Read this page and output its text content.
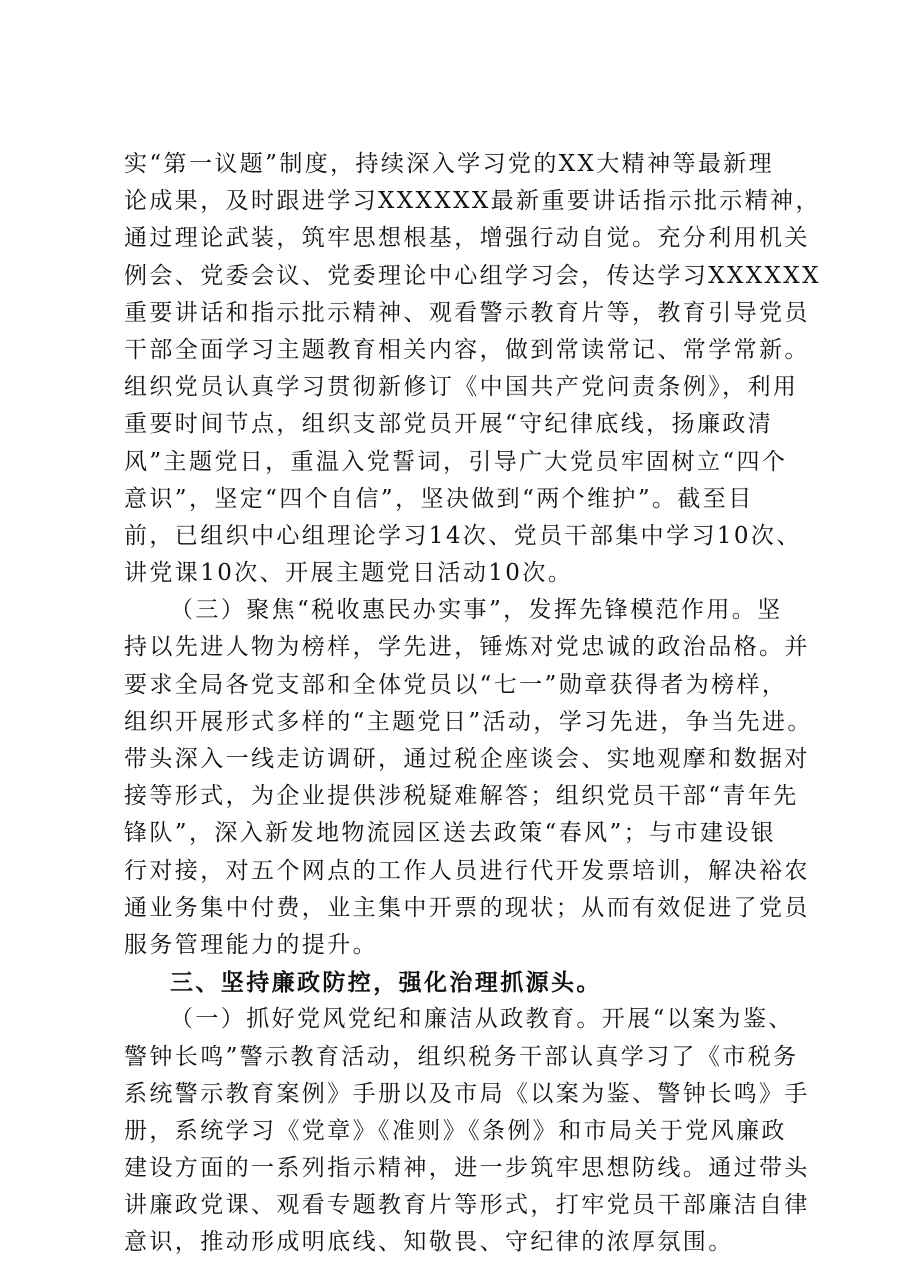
实“第一议题”制度，持续深入学习党的XX大精神等最新理
论成果，及时跟进学习XXXXXX最新重要讲话指示批示精神，
通过理论武装，筑牢思想根基，增强行动自觉。充分利用机关
例会、党委会议、党委理论中心组学习会，传达学习XXXXXX
重要讲话和指示批示精神、观看警示教育片等，教育引导党员
干部全面学习主题教育相关内容，做到常读常记、常学常新。
组织党员认真学习贯彻新修订《中国共产党问责条例》，利用
重要时间节点，组织支部党员开展“守纪律底线，扬廉政清
风”主题党日，重温入党誓词，引导广大党员牢固树立“四个
意识”，坚定“四个自信”，坚决做到“两个维护”。截至目
前，已组织中心组理论学习14次、党员干部集中学习10次、
讲党课10次、开展主题党日活动10次。
（三）聚焦“税收惠民办实事”，发挥先锋模范作用。坚
持以先进人物为榜样，学先进，锤炼对党忠诚的政治品格。并
要求全局各党支部和全体党员以“七一”勋章获得者为榜样，
组织开展形式多样的“主题党日”活动，学习先进，争当先进。
带头深入一线走访调研，通过税企座谈会、实地观摩和数据对
接等形式，为企业提供涉税疑难解答；组织党员干部“青年先
锋队”，深入新发地物流园区送去政策“春风”；与市建设银
行对接，对五个网点的工作人员进行代开发票培训，解决裕农
通业务集中付费，业主集中开票的现状；从而有效促进了党员
服务管理能力的提升。
三、坚持廉政防控，强化治理抓源头。
（一）抓好党风党纪和廉洁从政教育。开展“以案为鉴、
警钟长鸣”警示教育活动，组织税务干部认真学习了《市税务
系统警示教育案例》手册以及市局《以案为鉴、警钟长鸣》手
册，系统学习《党章》《准则》《条例》和市局关于党风廉政
建设方面的一系列指示精神，进一步筑牢思想防线。通过带头
讲廉政党课、观看专题教育片等形式，打牢党员干部廉洁自律
意识，推动形成明底线、知敬畏、守纪律的浓厚氛围。
